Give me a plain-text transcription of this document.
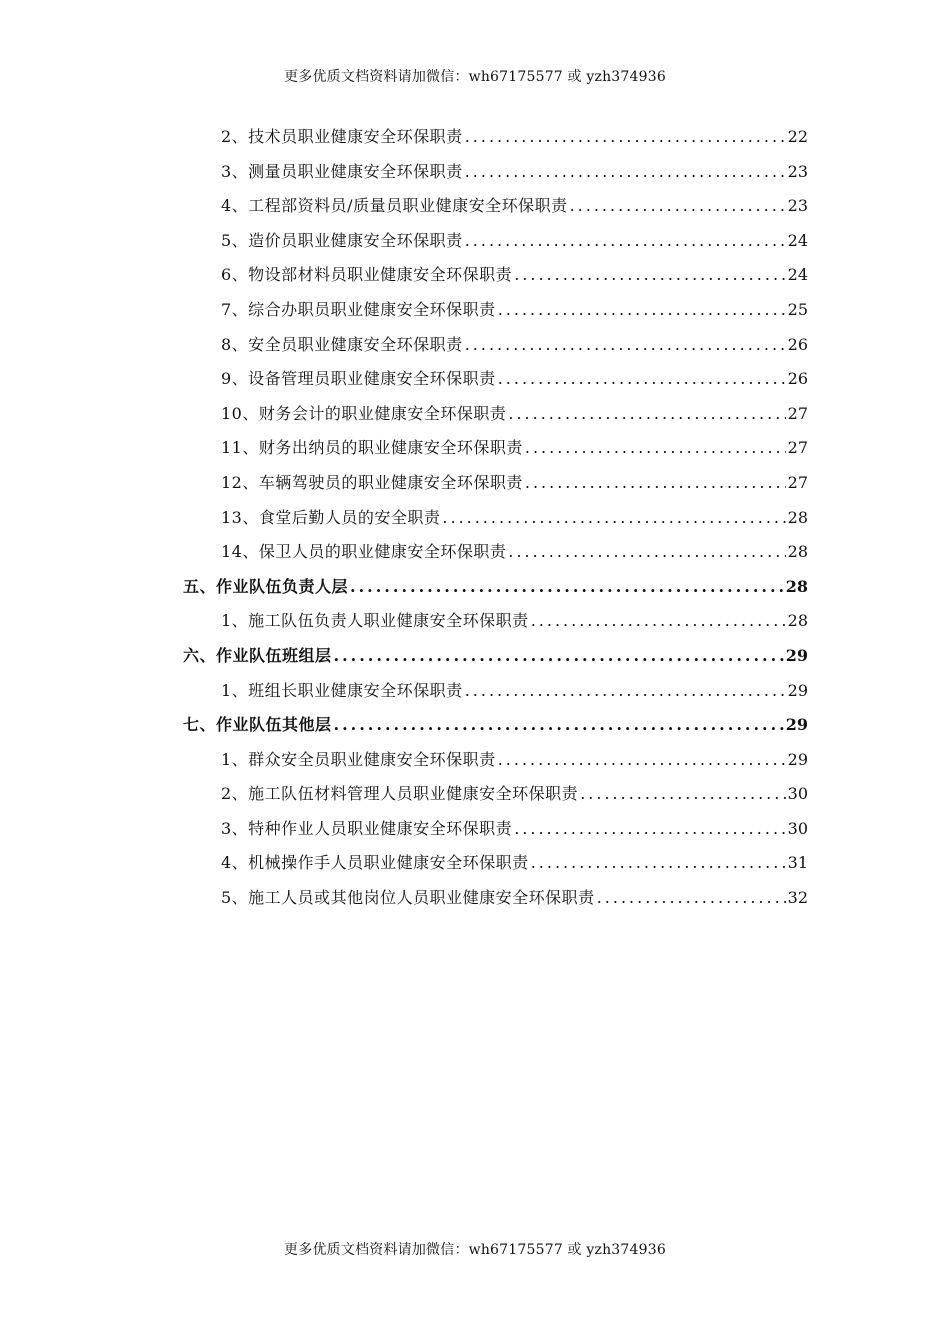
更多优质文档资料请加微信：wh67175577 或 yzh374936
2、技术员职业健康安全环保职责 .....	22
3、测量员职业健康安全环保职责 .....	23
4、工程部资料员/质量员职业健康安全环保职责 .....	23
5、造价员职业健康安全环保职责 .....	24
6、物设部材料员职业健康安全环保职责 .....	24
7、综合办职员职业健康安全环保职责 .....	25
8、安全员职业健康安全环保职责 .....	26
9、设备管理员职业健康安全环保职责 .....	26
10、财务会计的职业健康安全环保职责 .....	27
11、财务出纳员的职业健康安全环保职责 .....	27
12、车辆驾驶员的职业健康安全环保职责 .....	27
13、食堂后勤人员的安全职责 .....	28
14、保卫人员的职业健康安全环保职责 .....	28
五、作业队伍负责人层 .....	28
1、施工队伍负责人职业健康安全环保职责 .....	28
六、作业队伍班组层 .....	29
1、班组长职业健康安全环保职责 .....	29
七、作业队伍其他层 .....	29
1、群众安全员职业健康安全环保职责 .....	29
2、施工队伍材料管理人员职业健康安全环保职责 .....	30
3、特种作业人员职业健康安全环保职责 .....	30
4、机械操作手人员职业健康安全环保职责 .....	31
5、施工人员或其他岗位人员职业健康安全环保职责 .....	32
更多优质文档资料请加微信：wh67175577 或 yzh374936
